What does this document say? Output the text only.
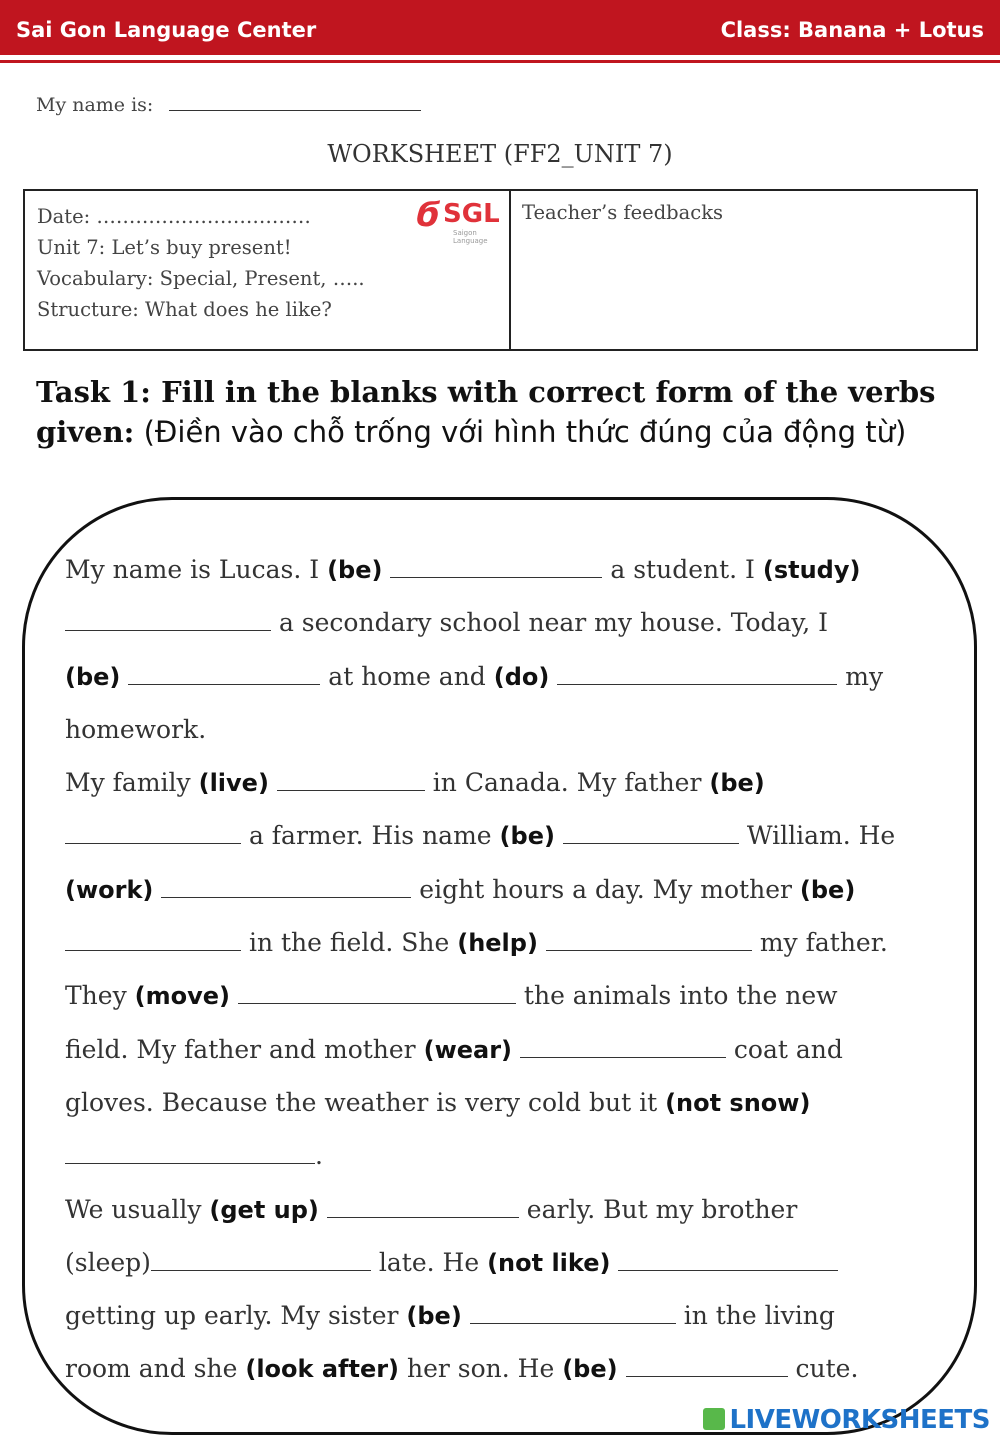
Sai Gon Language Center	Class: Banana + Lotus
My name is:
WORKSHEET (FF2_UNIT 7)
Date: ……………………………
Unit 7: Let’s buy present!
Vocabulary: Special, Present, …..
Structure: What does he like?
ϭ SGL
Saigon Language
Teacher’s feedbacks
Task 1: Fill in the blanks with correct form of the verbs given: (Điền vào chỗ trống với hình thức đúng của động từ)
My name is Lucas. I (be)	a student. I (study)
a secondary school near my house. Today, I
(be)	at home and (do)	my
homework.
My family (live)	in Canada. My father (be)
a farmer. His name (be)	William. He
(work)	eight hours a day. My mother (be)
in the field. She (help)	my father.
They (move)	the animals into the new
field. My father and mother (wear)	coat and
gloves. Because the weather is very cold but it (not snow)
.
We usually (get up)	early. But my brother
(sleep)	late. He (not like)
getting up early. My sister (be)	in the living
room and she (look after) her son. He (be)	cute.
LIVEWORKSHEETS
